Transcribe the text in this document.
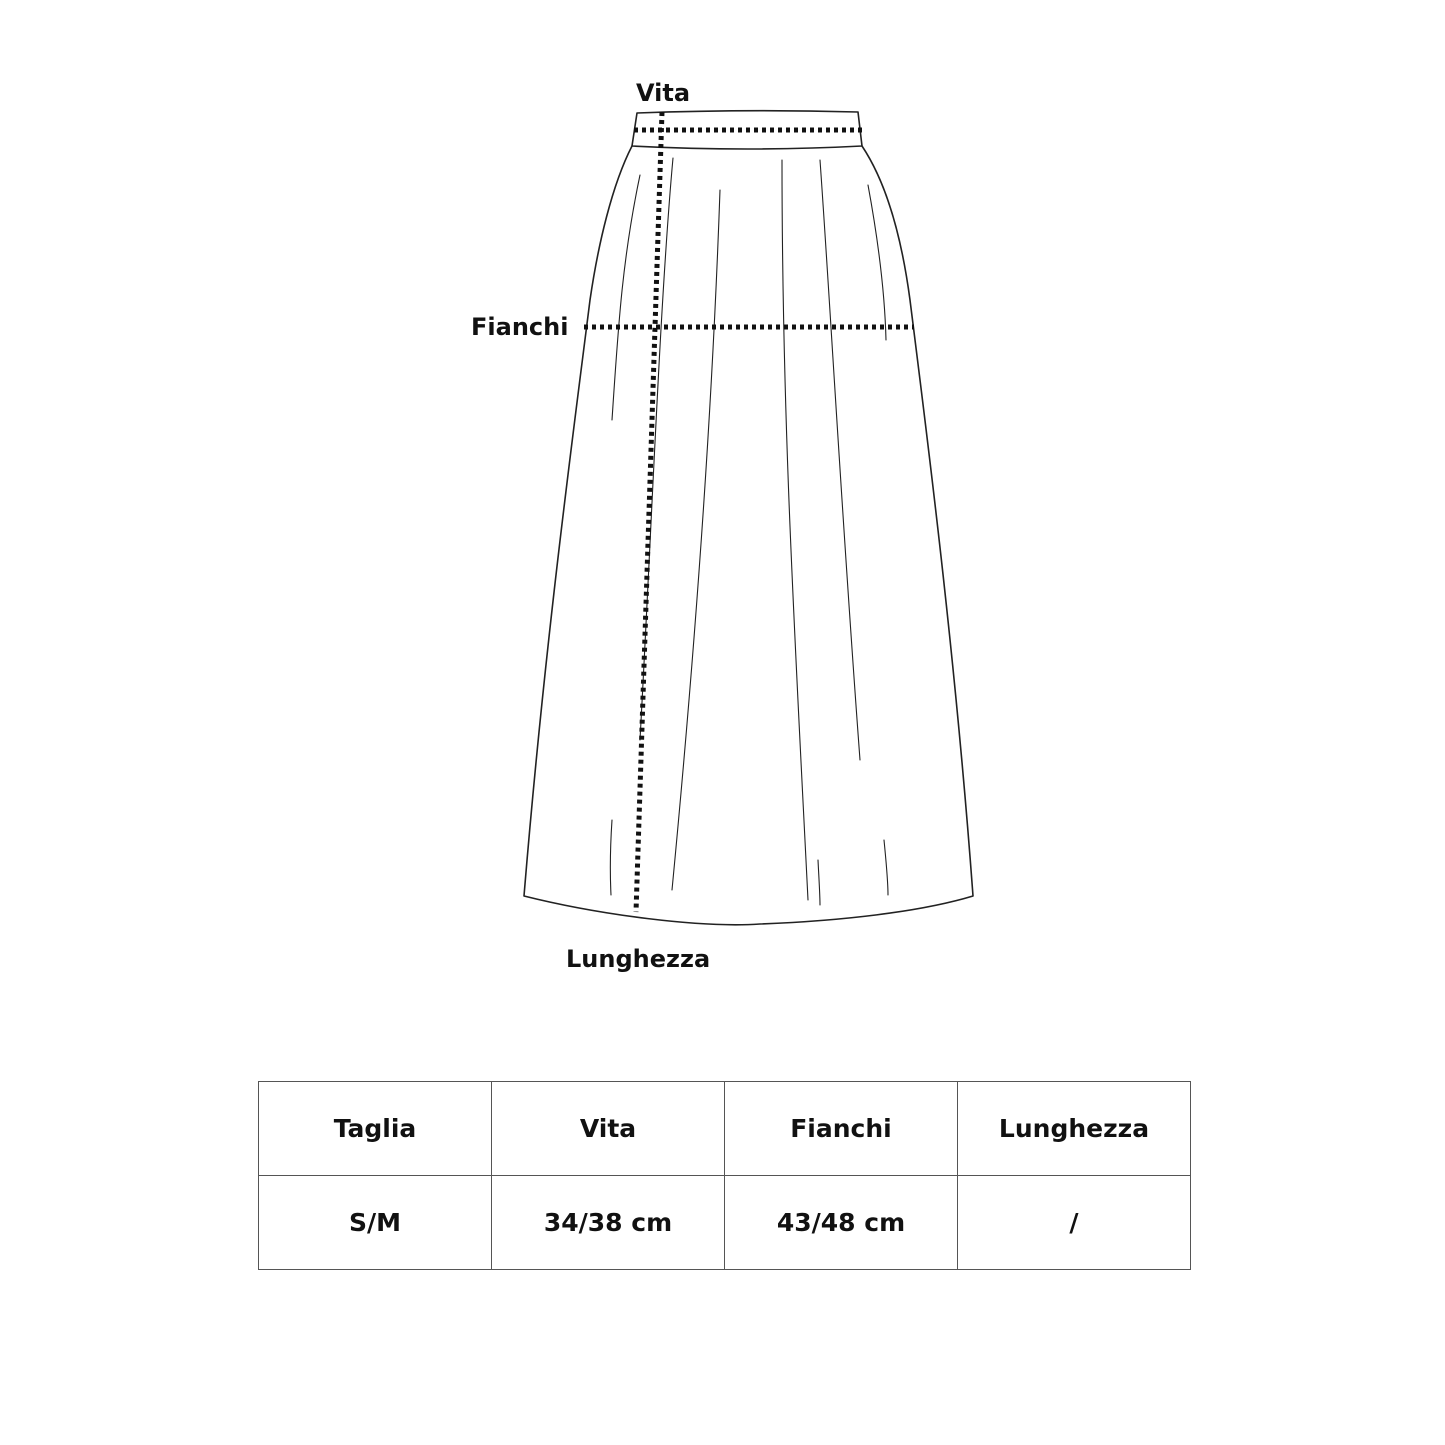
Vita
Fianchi
Lunghezza
Taglia	Vita	Fianchi	Lunghezza
S/M	34/38 cm	43/48 cm	/
